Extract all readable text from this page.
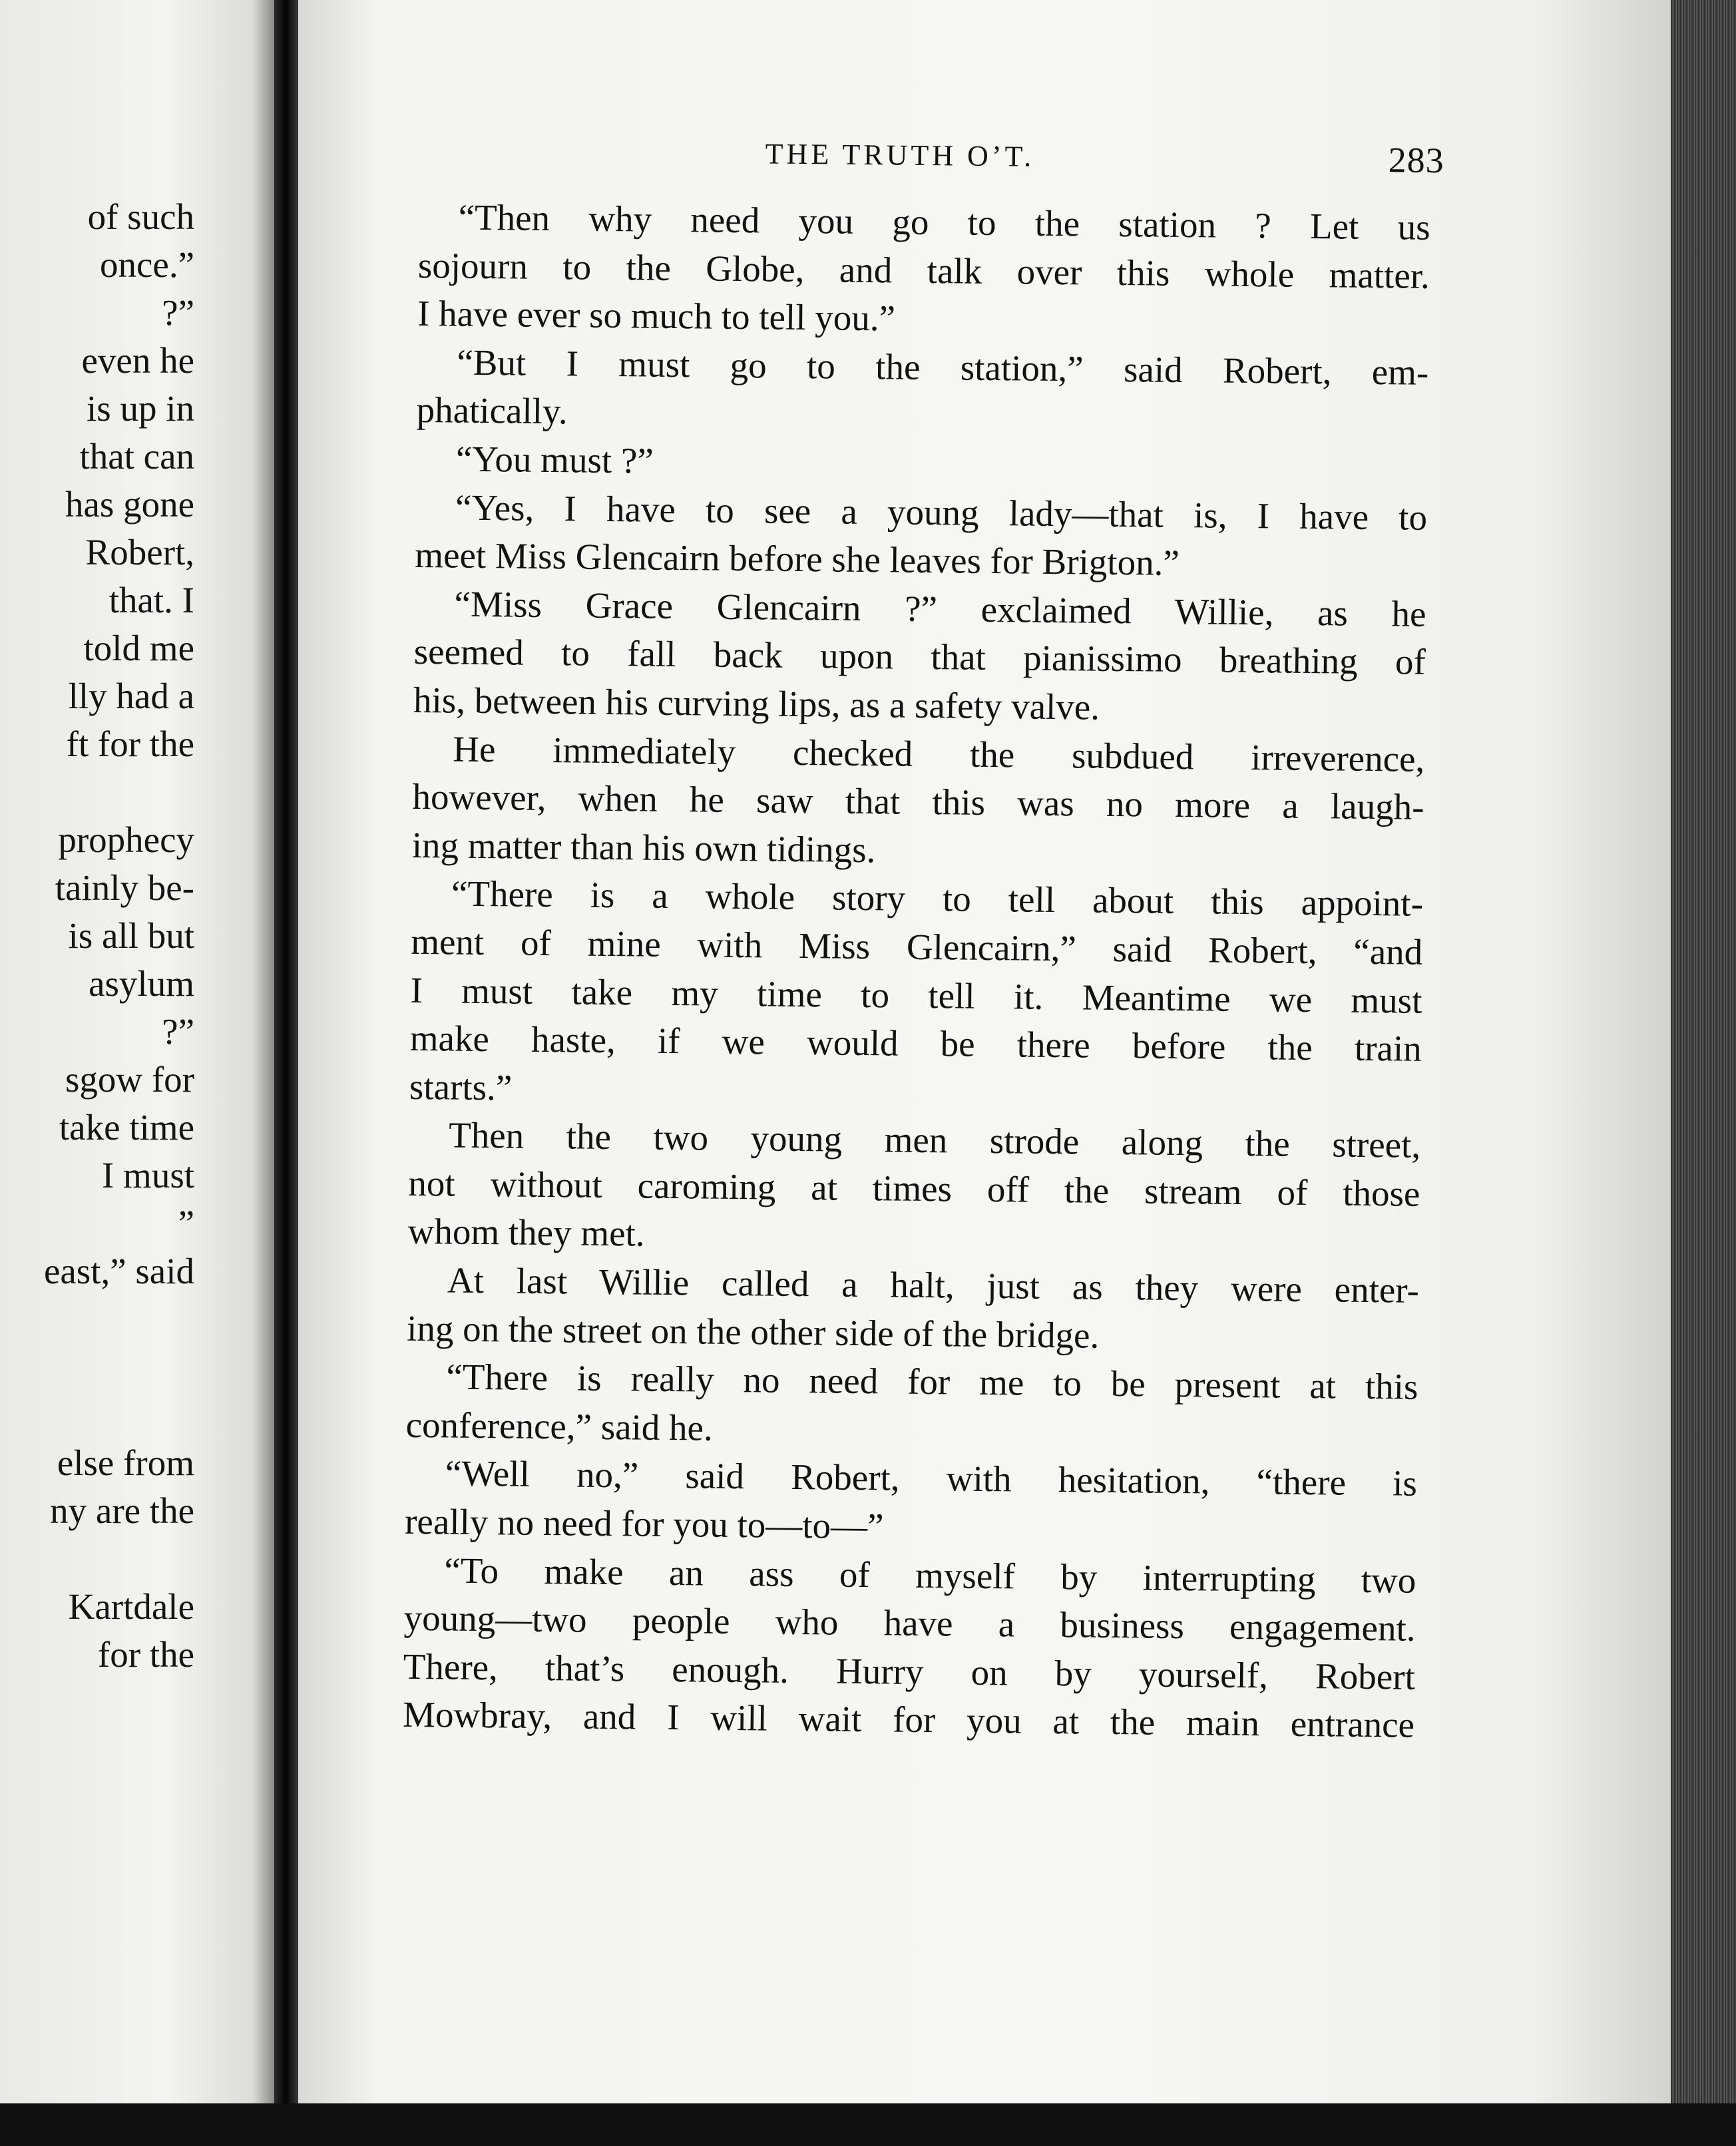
of such
once.”
?”
even he
is up in
that can
has gone
Robert,
that. I
told me
lly had a
ft for the
prophecy
tainly be-
is all but
asylum
?”
sgow for
take time
I must
”
east,” said
else from
ny are the
Kartdale
for the
THE TRUTH O’T.	283
“Then why need you go to the station ? Let us
sojourn to the Globe, and talk over this whole matter.
I have ever so much to tell you.”
“But I must go to the station,” said Robert, em-
phatically.
“You must ?”
“Yes, I have to see a young lady—that is, I have to
meet Miss Glencairn before she leaves for Brigton.”
“Miss Grace Glencairn ?” exclaimed Willie, as he
seemed to fall back upon that pianissimo breathing of
his, between his curving lips, as a safety valve.
He immediately checked the subdued irreverence,
however, when he saw that this was no more a laugh-
ing matter than his own tidings.
“There is a whole story to tell about this appoint-
ment of mine with Miss Glencairn,” said Robert, “and
I must take my time to tell it. Meantime we must
make haste, if we would be there before the train
starts.”
Then the two young men strode along the street,
not without caroming at times off the stream of those
whom they met.
At last Willie called a halt, just as they were enter-
ing on the street on the other side of the bridge.
“There is really no need for me to be present at this
conference,” said he.
“Well no,” said Robert, with hesitation, “there is
really no need for you to—to—”
“To make an ass of myself by interrupting two
young—two people who have a business engagement.
There, that’s enough. Hurry on by yourself, Robert
Mowbray, and I will wait for you at the main entrance
